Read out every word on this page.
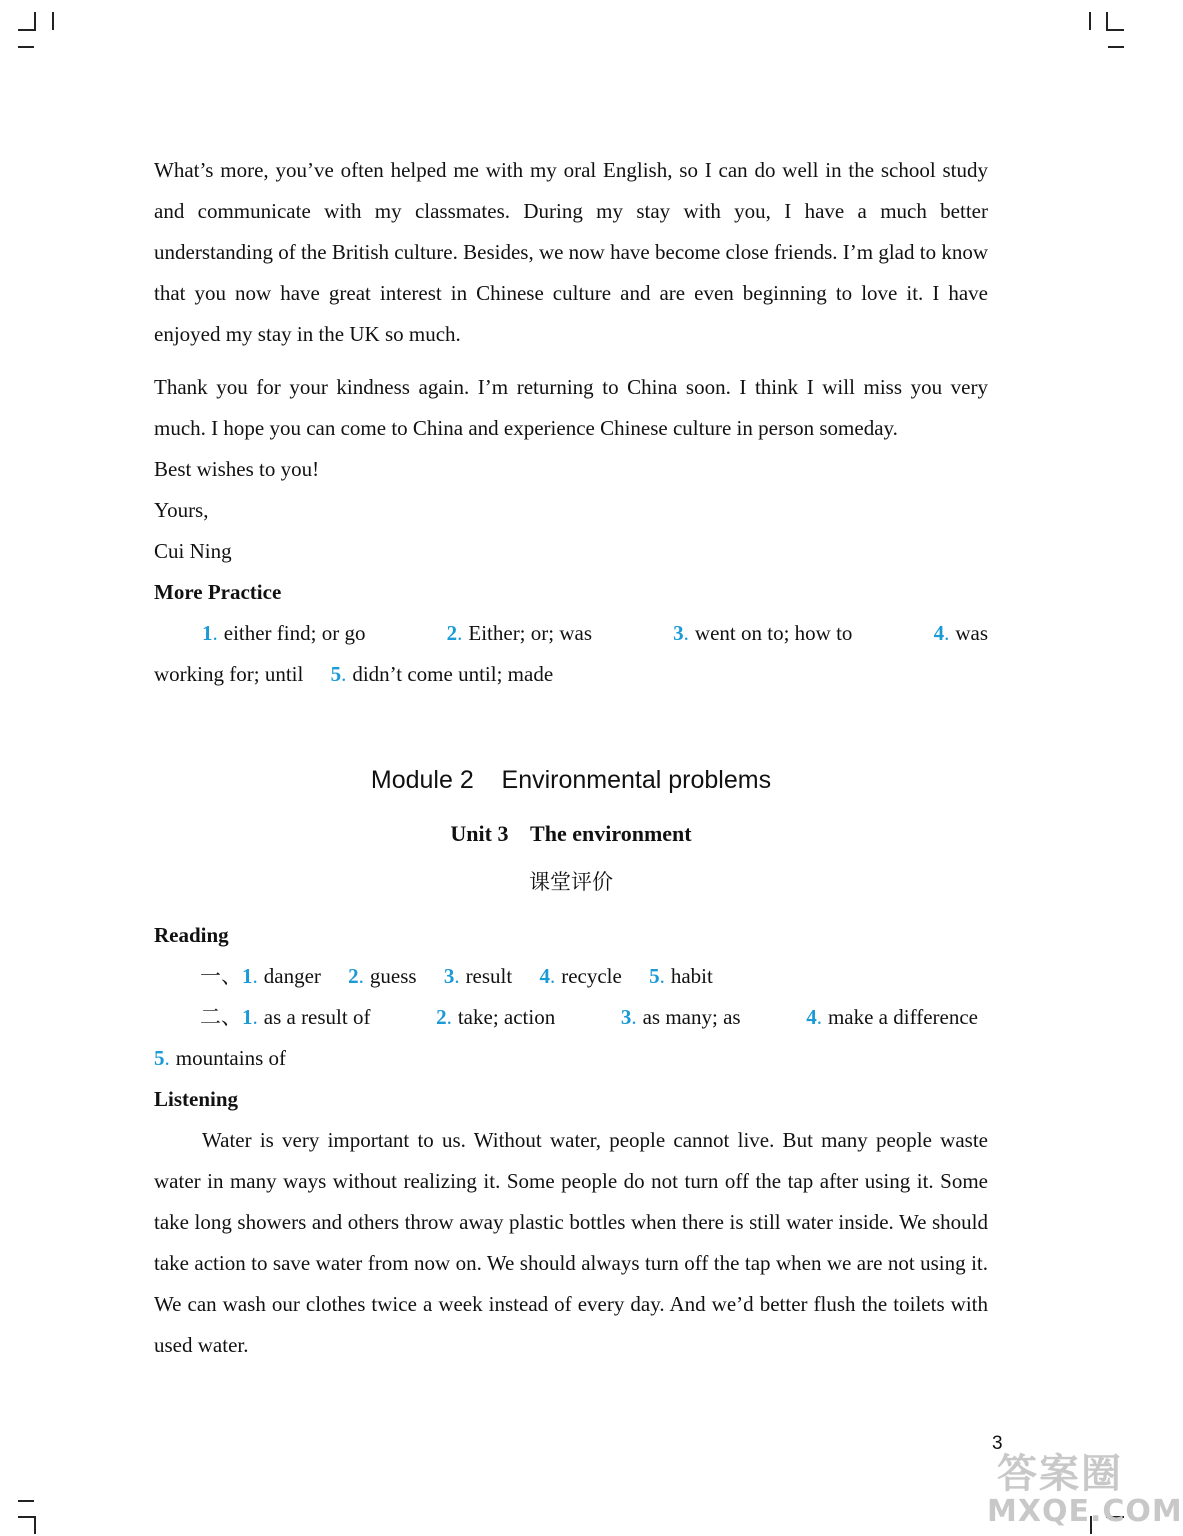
What’s more, you’ve often helped me with my oral English, so I can do well in the school study and communicate with my classmates. During my stay with you, I have a much better understanding of the British culture. Besides, we now have become close friends. I’m glad to know that you now have great interest in Chinese culture and are even beginning to love it. I have enjoyed my stay in the UK so much.

Thank you for your kindness again. I’m returning to China soon. I think I will miss you very much. I hope you can come to China and experience Chinese culture in person someday.

Best wishes to you!

Yours,

Cui Ning

More Practice

1. either find; or go	2. Either; or; was	3. went on to; how to	4. was

working for; until 5. didn’t come until; made

Module 2    Environmental problems

Unit 3    The environment

课堂评价

Reading

一、1. danger 2. guess 3. result 4. recycle 5. habit

二、1. as a result of	2. take; action	3. as many; as	4. make a difference

5. mountains of

Listening

Water is very important to us. Without water, people cannot live. But many people waste water in many ways without realizing it. Some people do not turn off the tap after using it. Some take long showers and others throw away plastic bottles when there is still water inside. We should take action to save water from now on. We should always turn off the tap when we are not using it. We can wash our clothes twice a week instead of every day. And we’d better flush the toilets with used water.

3
答案圈
MXQE.COM
